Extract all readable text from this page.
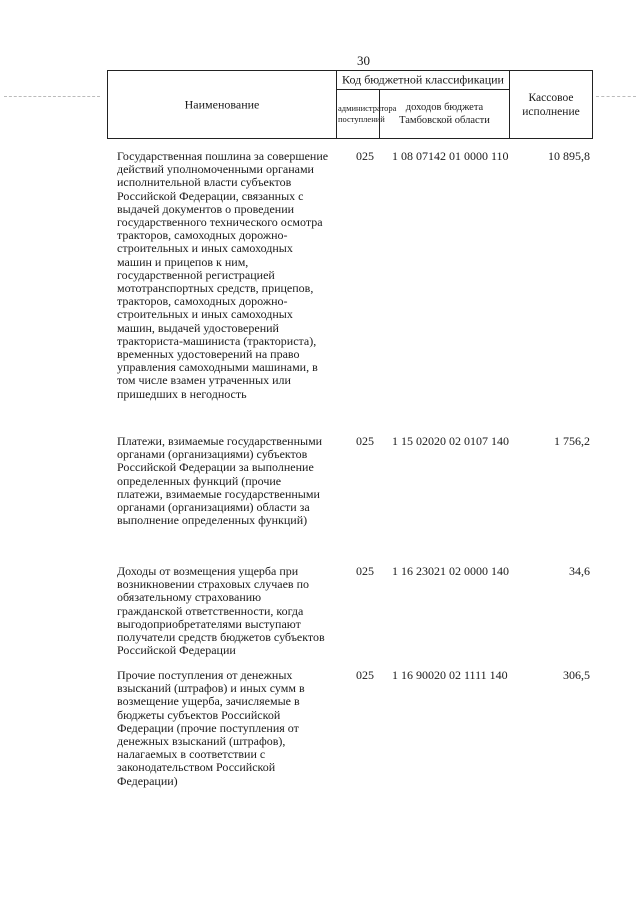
30
Наименование
Код бюджетной классификации
администратора поступлений
доходов бюджета Тамбовской области
Кассовое исполнение
Государственная пошлина за совершение действий уполномоченными органами исполнительной власти субъектов Российской Федерации, связанных с выдачей документов о проведении государственного технического осмотра тракторов, самоходных дорожно-строительных и иных самоходных машин и прицепов к ним, государственной регистрацией мототранспортных средств, прицепов, тракторов, самоходных дорожно-строительных и иных самоходных машин, выдачей удостоверений тракториста-машиниста (тракториста), временных удостоверений на право управления самоходными машинами, в том числе взамен утраченных или пришедших в негодность
025	1 08 07142 01 0000 110	10 895,8
Платежи, взимаемые государственными органами (организациями) субъектов Российской Федерации за выполнение определенных функций (прочие платежи, взимаемые государственными органами (организациями) области за выполнение определенных функций)
025	1 15 02020 02 0107 140	1 756,2
Доходы от возмещения ущерба при возникновении страховых случаев по обязательному страхованию гражданской ответственности, когда выгодоприобретателями выступают получатели средств бюджетов субъектов Российской Федерации
025	1 16 23021 02 0000 140	34,6
Прочие поступления от денежных взысканий (штрафов) и иных сумм в возмещение ущерба, зачисляемые в бюджеты субъектов Российской Федерации (прочие поступления от денежных взысканий (штрафов), налагаемых в соответствии с законодательством Российской Федерации)
025	1 16 90020 02 1111 140	306,5
